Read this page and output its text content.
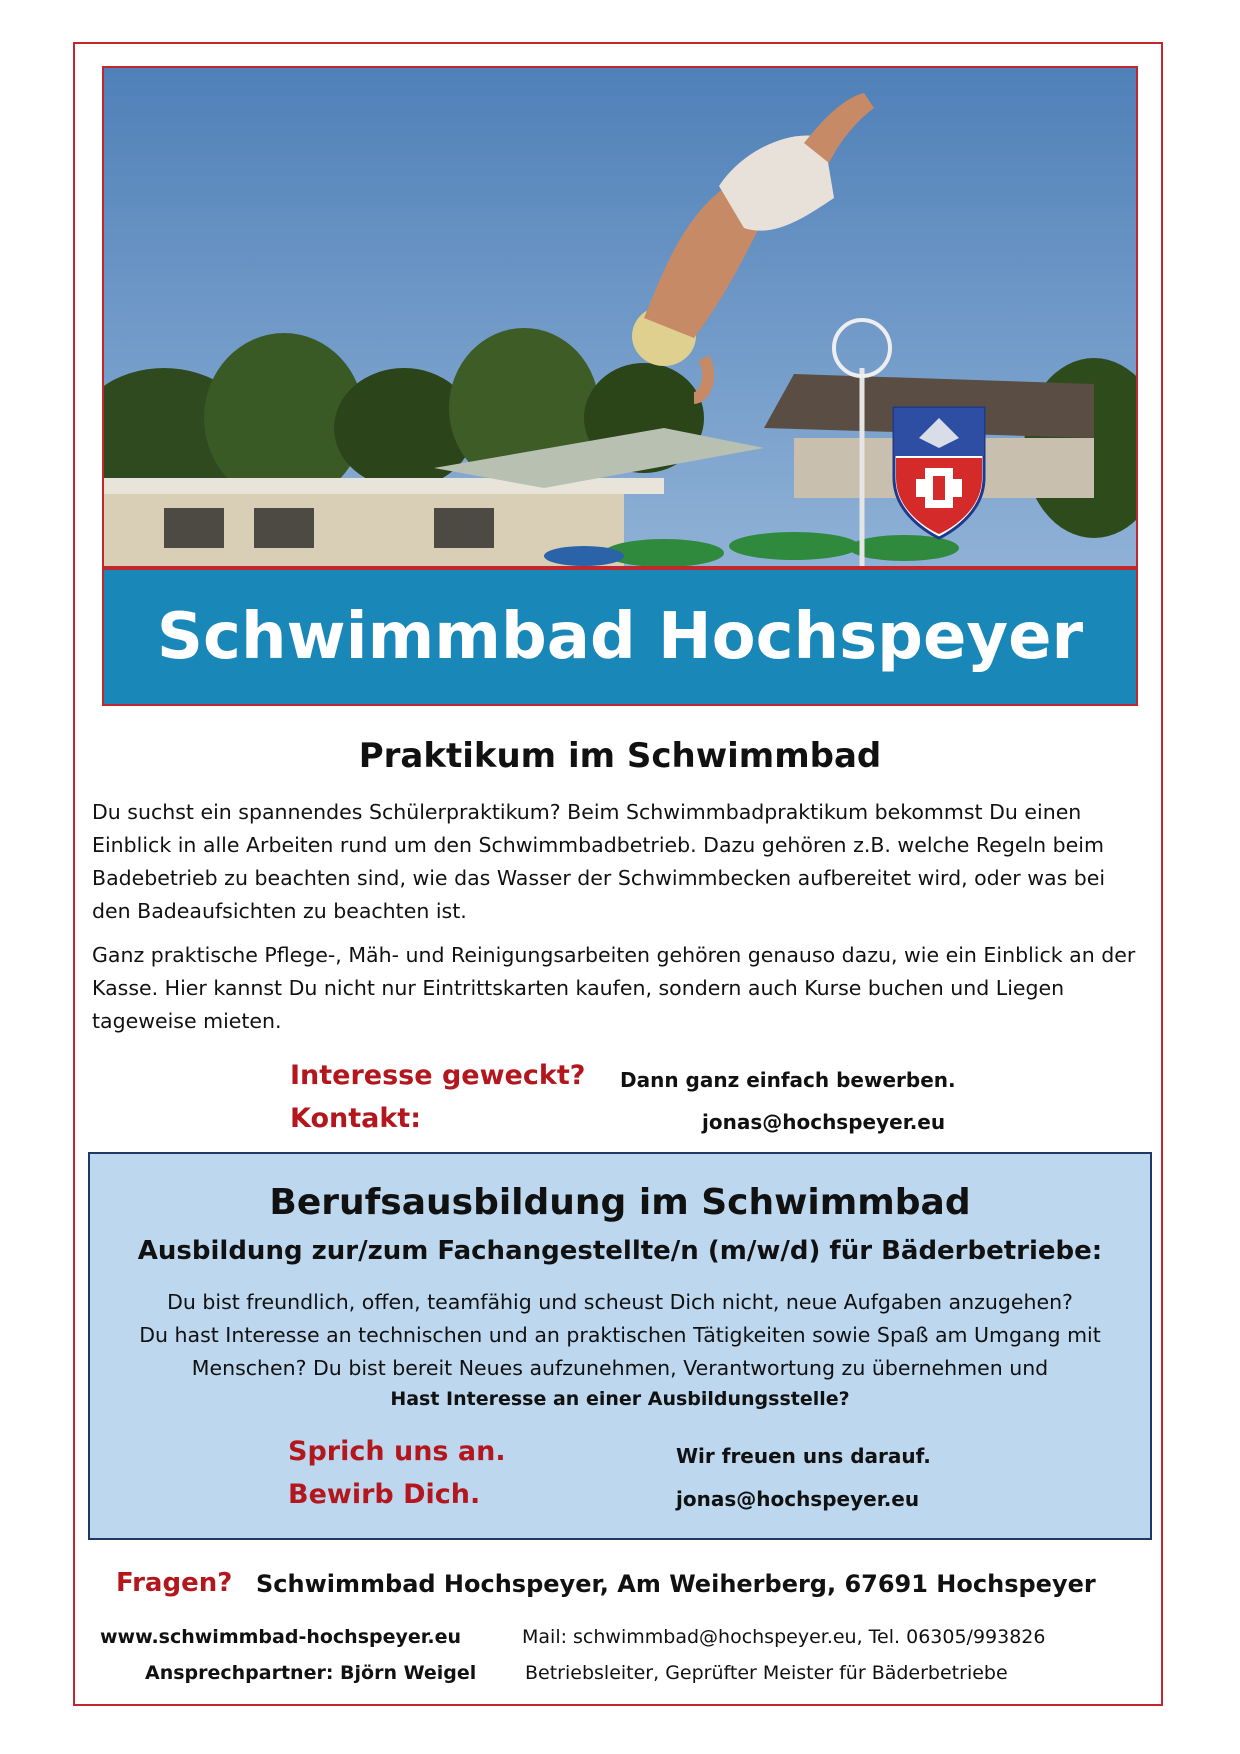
Schwimmbad Hochspeyer

Praktikum im Schwimmbad

Du suchst ein spannendes Schülerpraktikum? Beim Schwimmbadpraktikum bekommst Du einen Einblick in alle Arbeiten rund um den Schwimmbadbetrieb. Dazu gehören z.B. welche Regeln beim Badebetrieb zu beachten sind, wie das Wasser der Schwimmbecken aufbereitet wird, oder was bei den Badeaufsichten zu beachten ist.

Ganz praktische Pflege-, Mäh- und Reinigungsarbeiten gehören genauso dazu, wie ein Einblick an der Kasse. Hier kannst Du nicht nur Eintrittskarten kaufen, sondern auch Kurse buchen und Liegen tageweise mieten.

Interesse geweckt? Dann ganz einfach bewerben.

Kontakt:	jonas@hochspeyer.eu

Berufsausbildung im Schwimmbad

Ausbildung zur/zum Fachangestellte/n (m/w/d) für Bäderbetriebe:

Du bist freundlich, offen, teamfähig und scheust Dich nicht, neue Aufgaben anzugehen?

Du hast Interesse an technischen und an praktischen Tätigkeiten sowie Spaß am Umgang mit

Menschen? Du bist bereit Neues aufzunehmen, Verantwortung zu übernehmen und

Hast Interesse an einer Ausbildungsstelle?

Sprich uns an.	Wir freuen uns darauf.

Bewirb Dich.	jonas@hochspeyer.eu

Fragen? Schwimmbad Hochspeyer, Am Weiherberg, 67691 Hochspeyer

www.schwimmbad-hochspeyer.eu	Mail: schwimmbad@hochspeyer.eu, Tel. 06305/993826

Ansprechpartner: Björn Weigel	Betriebsleiter, Geprüfter Meister für Bäderbetriebe
